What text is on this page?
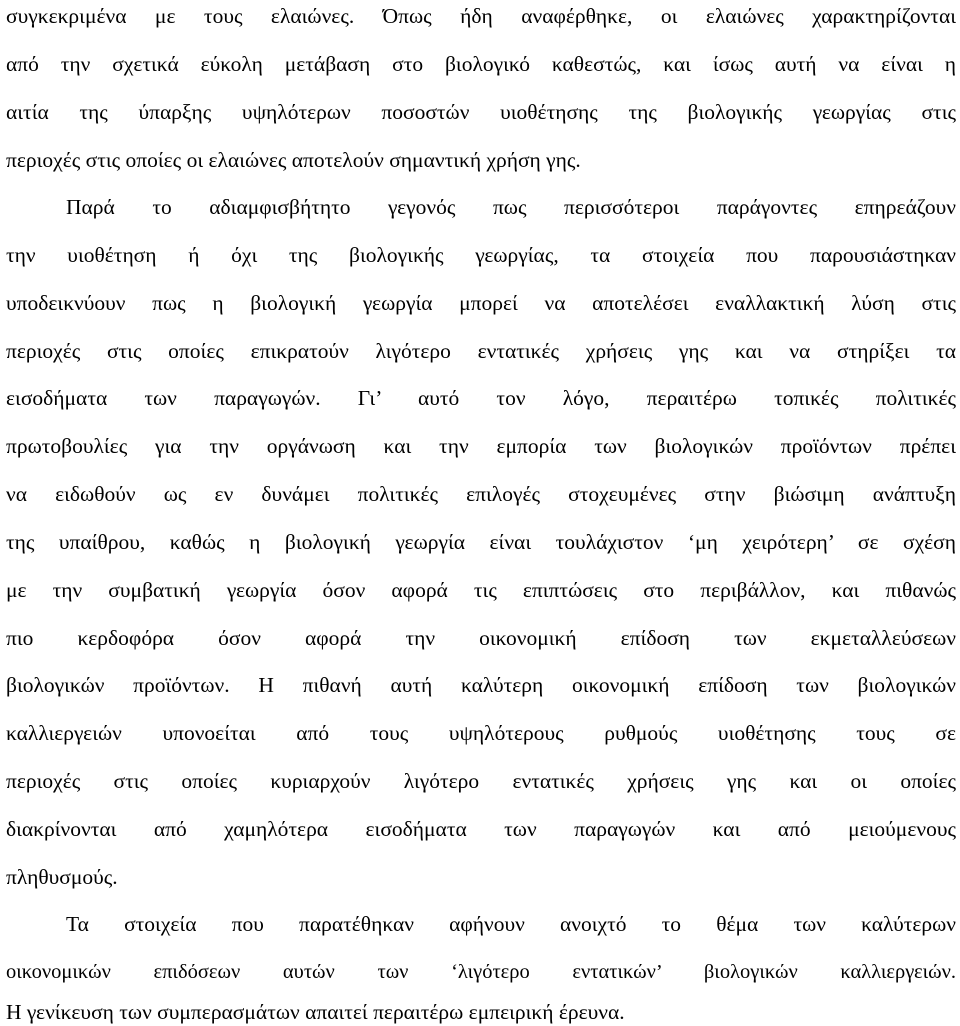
συγκεκριμένα με τους ελαιώνες. Όπως ήδη αναφέρθηκε, οι ελαιώνες χαρακτηρίζονται
από την σχετικά εύκολη μετάβαση στο βιολογικό καθεστώς, και ίσως αυτή να είναι η
αιτία της ύπαρξης υψηλότερων ποσοστών υιοθέτησης της βιολογικής γεωργίας στις
περιοχές στις οποίες οι ελαιώνες αποτελούν σημαντική χρήση γης.
Παρά το αδιαμφισβήτητο γεγονός πως περισσότεροι παράγοντες επηρεάζουν
την υιοθέτηση ή όχι της βιολογικής γεωργίας, τα στοιχεία που παρουσιάστηκαν
υποδεικνύουν πως η βιολογική γεωργία μπορεί να αποτελέσει εναλλακτική λύση στις
περιοχές στις οποίες επικρατούν λιγότερο εντατικές χρήσεις γης και να στηρίξει τα
εισοδήματα των παραγωγών. Γι’ αυτό τον λόγο, περαιτέρω τοπικές πολιτικές
πρωτοβουλίες για την οργάνωση και την εμπορία των βιολογικών προϊόντων πρέπει
να ειδωθούν ως εν δυνάμει πολιτικές επιλογές στοχευμένες στην βιώσιμη ανάπτυξη
της υπαίθρου, καθώς η βιολογική γεωργία είναι τουλάχιστον ‘μη χειρότερη’ σε σχέση
με την συμβατική γεωργία όσον αφορά τις επιπτώσεις στο περιβάλλον, και πιθανώς
πιο κερδοφόρα όσον αφορά την οικονομική επίδοση των εκμεταλλεύσεων
βιολογικών προϊόντων. Η πιθανή αυτή καλύτερη οικονομική επίδοση των βιολογικών
καλλιεργειών υπονοείται από τους υψηλότερους ρυθμούς υιοθέτησης τους σε
περιοχές στις οποίες κυριαρχούν λιγότερο εντατικές χρήσεις γης και οι οποίες
διακρίνονται από χαμηλότερα εισοδήματα των παραγωγών και από μειούμενους
πληθυσμούς.
Τα στοιχεία που παρατέθηκαν αφήνουν ανοιχτό το θέμα των καλύτερων
οικονομικών επιδόσεων αυτών των ‘λιγότερο εντατικών’ βιολογικών καλλιεργειών.
Η γενίκευση των συμπερασμάτων απαιτεί περαιτέρω εμπειρική έρευνα.
